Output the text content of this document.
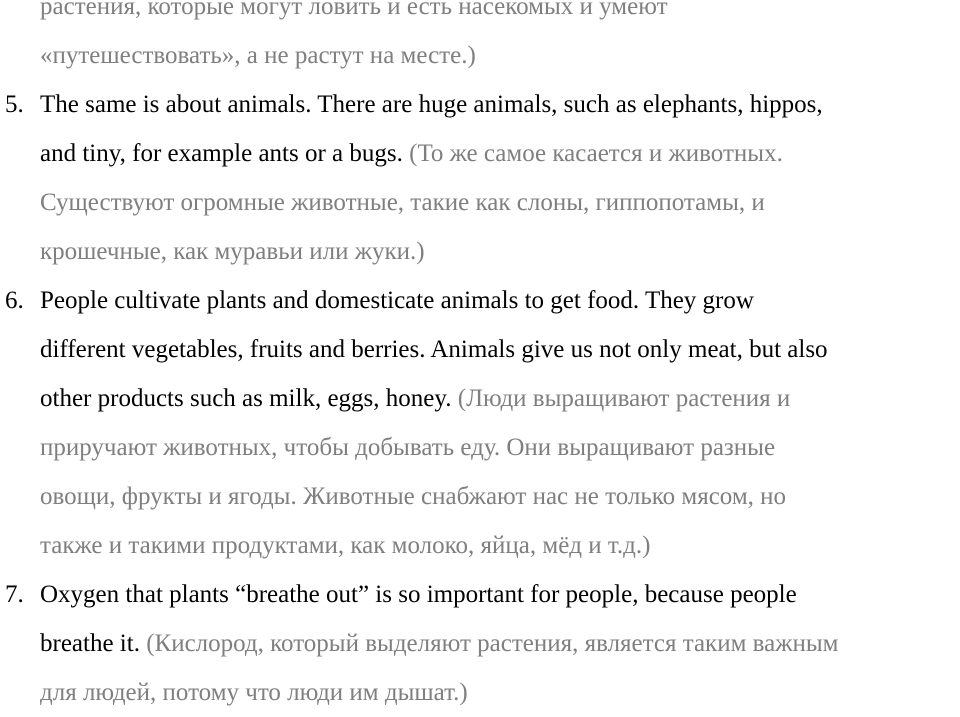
растения, которые могут ловить и есть насекомых и умеют
«путешествовать», а не растут на месте.)
5. The same is about animals. There are huge animals, such as elephants, hippos,
and tiny, for example ants or a bugs. (То же самое касается и животных.
Существуют огромные животные, такие как слоны, гиппопотамы, и
крошечные, как муравьи или жуки.)
6. People cultivate plants and domesticate animals to get food. They grow
different vegetables, fruits and berries. Animals give us not only meat, but also
other products such as milk, eggs, honey. (Люди выращивают растения и
приручают животных, чтобы добывать еду. Они выращивают разные
овощи, фрукты и ягоды. Животные снабжают нас не только мясом, но
также и такими продуктами, как молоко, яйца, мёд и т.д.)
7. Oxygen that plants “breathe out” is so important for people, because people
breathe it. (Кислород, который выделяют растения, является таким важным
для людей, потому что люди им дышат.)
